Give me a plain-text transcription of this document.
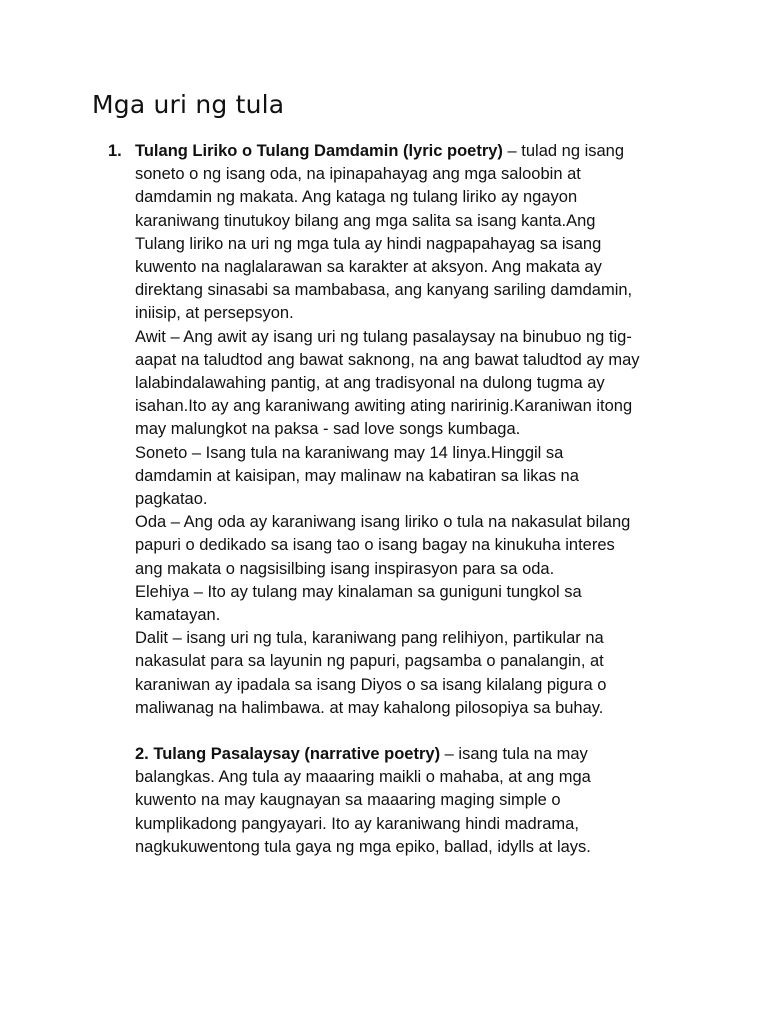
Mga uri ng tula
1. Tulang Liriko o Tulang Damdamin (lyric poetry) – tulad ng isang
soneto o ng isang oda, na ipinapahayag ang mga saloobin at
damdamin ng makata. Ang kataga ng tulang liriko ay ngayon
karaniwang tinutukoy bilang ang mga salita sa isang kanta.Ang
Tulang liriko na uri ng mga tula ay hindi nagpapahayag sa isang
kuwento na naglalarawan sa karakter at aksyon. Ang makata ay
direktang sinasabi sa mambabasa, ang kanyang sariling damdamin,
iniisip, at persepsyon.
Awit – Ang awit ay isang uri ng tulang pasalaysay na binubuo ng tig-
aapat na taludtod ang bawat saknong, na ang bawat taludtod ay may
lalabindalawahing pantig, at ang tradisyonal na dulong tugma ay
isahan.Ito ay ang karaniwang awiting ating naririnig.Karaniwan itong
may malungkot na paksa - sad love songs kumbaga.
Soneto – Isang tula na karaniwang may 14 linya.Hinggil sa
damdamin at kaisipan, may malinaw na kabatiran sa likas na
pagkatao.
Oda – Ang oda ay karaniwang isang liriko o tula na nakasulat bilang
papuri o dedikado sa isang tao o isang bagay na kinukuha interes
ang makata o nagsisilbing isang inspirasyon para sa oda.
Elehiya – Ito ay tulang may kinalaman sa guniguni tungkol sa
kamatayan.
Dalit – isang uri ng tula, karaniwang pang relihiyon, partikular na
nakasulat para sa layunin ng papuri, pagsamba o panalangin, at
karaniwan ay ipadala sa isang Diyos o sa isang kilalang pigura o
maliwanag na halimbawa. at may kahalong pilosopiya sa buhay.
2. Tulang Pasalaysay (narrative poetry) – isang tula na may
balangkas. Ang tula ay maaaring maikli o mahaba, at ang mga
kuwento na may kaugnayan sa maaaring maging simple o
kumplikadong pangyayari. Ito ay karaniwang hindi madrama,
nagkukuwentong tula gaya ng mga epiko, ballad, idylls at lays.
